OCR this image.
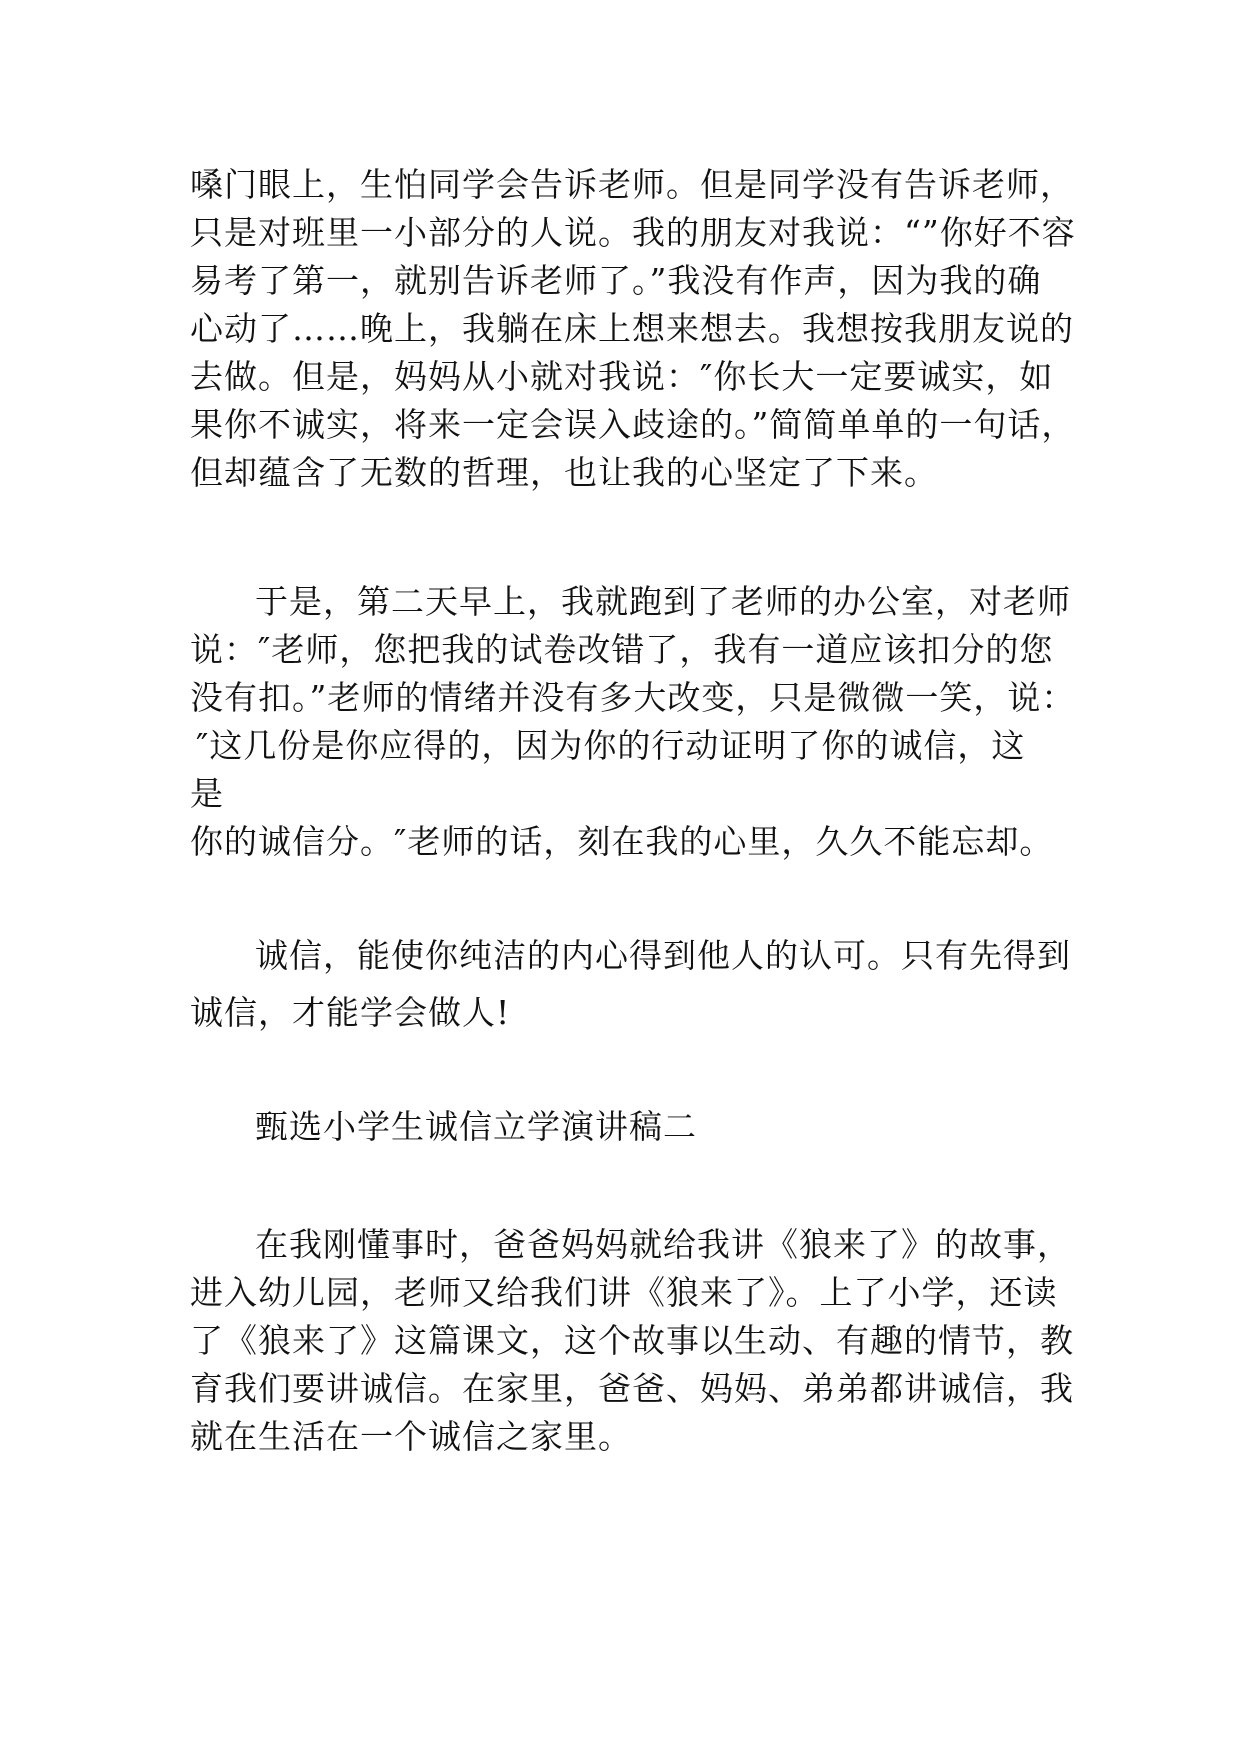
嗓门眼上，生怕同学会告诉老师。但是同学没有告诉老师，
只是对班里一小部分的人说。我的朋友对我说：“”你好不容
易考了第一，就别告诉老师了。”我没有作声，因为我的确
心动了……晚上，我躺在床上想来想去。我想按我朋友说的
去做。但是，妈妈从小就对我说：″你长大一定要诚实，如
果你不诚实，将来一定会误入歧途的。”简简单单的一句话，
但却蕴含了无数的哲理，也让我的心坚定了下来。
于是，第二天早上，我就跑到了老师的办公室，对老师
说：″老师，您把我的试卷改错了，我有一道应该扣分的您
没有扣。”老师的情绪并没有多大改变，只是微微一笑，说：
″这几份是你应得的，因为你的行动证明了你的诚信，这
是
你的诚信分。″老师的话，刻在我的心里，久久不能忘却。
诚信，能使你纯洁的内心得到他人的认可。只有先得到
诚信，才能学会做人!
甄选小学生诚信立学演讲稿二
在我刚懂事时，爸爸妈妈就给我讲《狼来了》的故事，
进入幼儿园，老师又给我们讲《狼来了》。上了小学，还读
了《狼来了》这篇课文，这个故事以生动、有趣的情节，教
育我们要讲诚信。在家里，爸爸、妈妈、弟弟都讲诚信，我
就在生活在一个诚信之家里。
